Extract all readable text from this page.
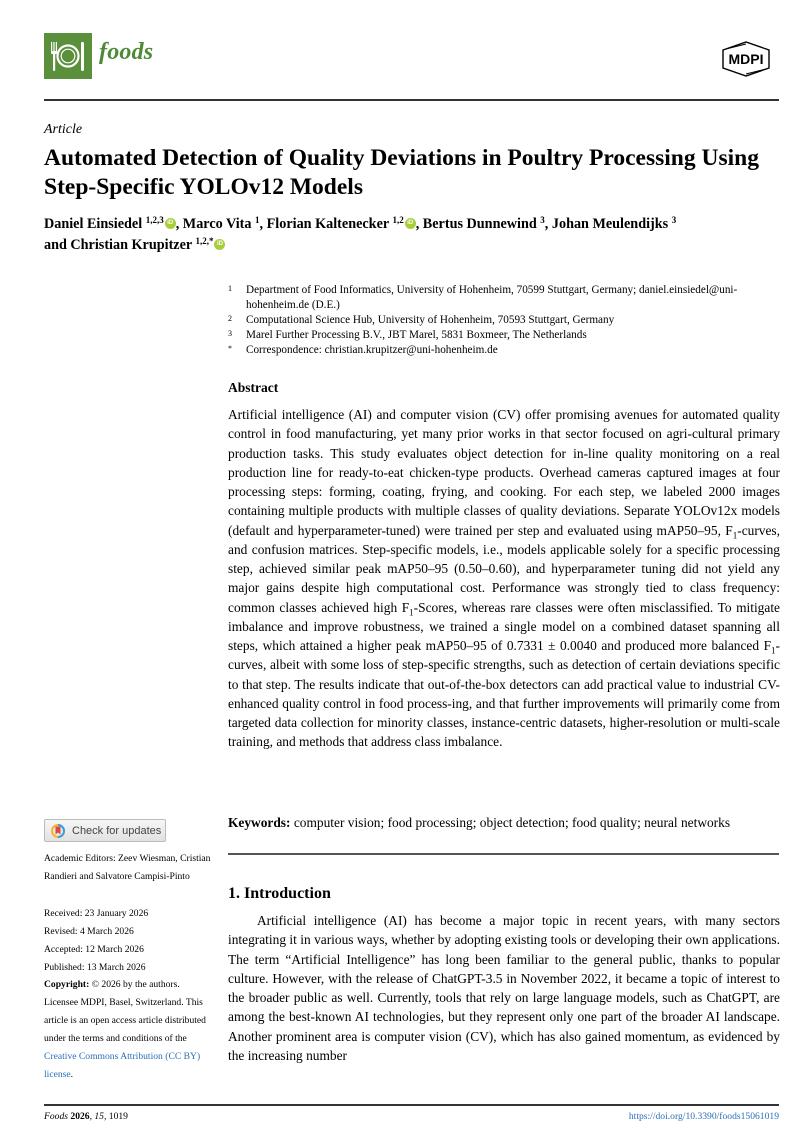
foods	MDPI
Article
Automated Detection of Quality Deviations in Poultry Processing Using Step-Specific YOLOv12 Models
Daniel Einsiedel $^{1,2,3}$ iD , Marco Vita $^1$, Florian Kaltenecker $^{1,2}$ iD , Bertus Dunnewind $^3$, Johan Meulendijks $^3$
and Christian Krupitzer $^{1,2,*}$ iD
1	Department of Food Informatics, University of Hohenheim, 70599 Stuttgart, Germany; daniel.einsiedel@uni-hohenheim.de (D.E.)
2	Computational Science Hub, University of Hohenheim, 70593 Stuttgart, Germany
3	Marel Further Processing B.V., JBT Marel, 5831 Boxmeer, The Netherlands
*	Correspondence: christian.krupitzer@uni-hohenheim.de
Abstract
Artificial intelligence (AI) and computer vision (CV) offer promising avenues for automated quality control in food manufacturing, yet many prior works in that sector focused on agri-cultural primary production tasks. This study evaluates object detection for in-line quality monitoring on a real production line for ready-to-eat chicken-type products. Overhead cameras captured images at four processing steps: forming, coating, frying, and cooking. For each step, we labeled 2000 images containing multiple products with multiple classes of quality deviations. Separate YOLOv12x models (default and hyperparameter-tuned) were trained per step and evaluated using mAP50–95, $F_1$-curves, and confusion matrices. Step-specific models, i.e., models applicable solely for a specific processing step, achieved similar peak mAP50–95 (0.50–0.60), and hyperparameter tuning did not yield any major gains despite high computational cost. Performance was strongly tied to class frequency: common classes achieved high $F_1$-Scores, whereas rare classes were often misclassified. To mitigate imbalance and improve robustness, we trained a single model on a combined dataset spanning all steps, which attained a higher peak mAP50–95 of 0.7331 ± 0.0040 and produced more balanced $F_1$-curves, albeit with some loss of step-specific strengths, such as detection of certain deviations specific to that step. The results indicate that out-of-the-box detectors can add practical value to industrial CV-enhanced quality control in food process-ing, and that further improvements will primarily come from targeted data collection for minority classes, instance-centric datasets, higher-resolution or multi-scale training, and methods that address class imbalance.
Keywords: computer vision; food processing; object detection; food quality; neural networks
1. Introduction
Artificial intelligence (AI) has become a major topic in recent years, with many sectors integrating it in various ways, whether by adopting existing tools or developing their own applications. The term “Artificial Intelligence” has long been familiar to the general public, thanks to popular culture. However, with the release of ChatGPT-3.5 in November 2022, it became a topic of interest to the broader public as well. Currently, tools that rely on large language models, such as ChatGPT, are among the best-known AI technologies, but they represent only one part of the broader AI landscape. Another prominent area is computer vision (CV), which has also gained momentum, as evidenced by the increasing number
Check for updates
Academic Editors: Zeev Wiesman, Cristian Randieri and Salvatore Campisi-Pinto
Received: 23 January 2026
Revised: 4 March 2026
Accepted: 12 March 2026
Published: 13 March 2026
Copyright: © 2026 by the authors. Licensee MDPI, Basel, Switzerland. This article is an open access article distributed under the terms and conditions of the Creative Commons Attribution (CC BY) license.
Foods 2026, 15, 1019	https://doi.org/10.3390/foods15061019
